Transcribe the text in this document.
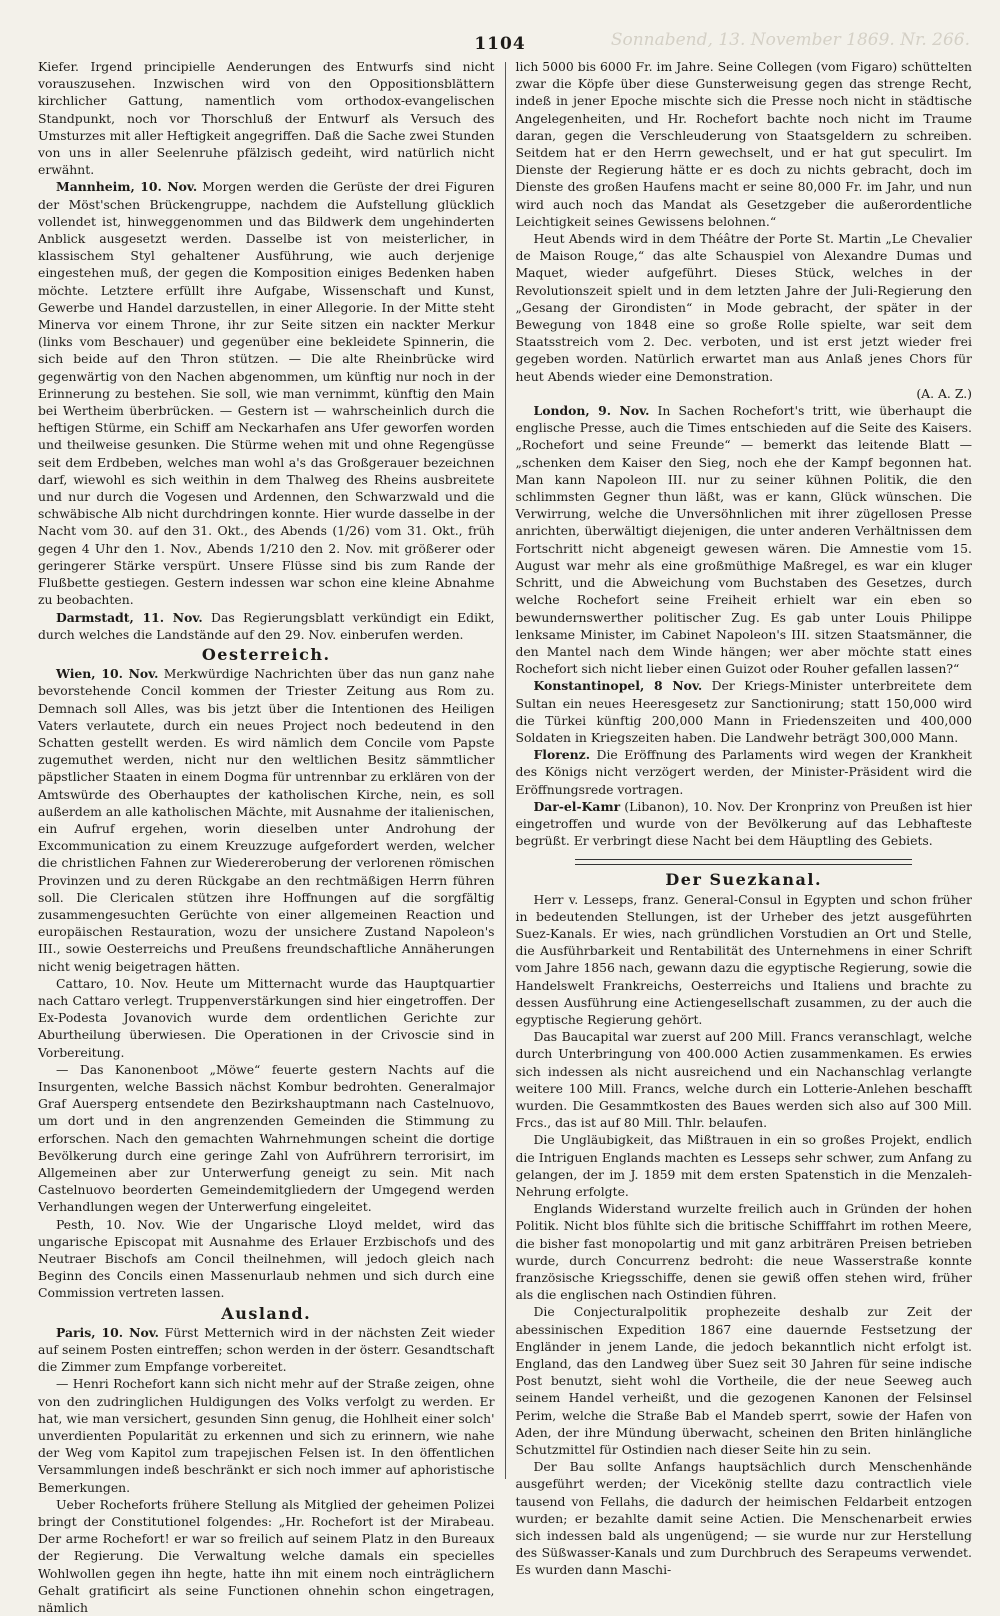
1104	Sonnabend, 13. November 1869. Nr. 266.

Kiefer. Irgend principielle Aenderungen des Entwurfs sind nicht vorauszusehen. Inzwischen wird von den Oppositionsblättern kirchlicher Gattung, namentlich vom orthodox-evangelischen Standpunkt, noch vor Thorschluß der Entwurf als Versuch des Umsturzes mit aller Heftigkeit angegriffen. Daß die Sache zwei Stunden von uns in aller Seelenruhe pfälzisch gedeiht, wird natürlich nicht erwähnt.

Mannheim, 10. Nov. Morgen werden die Gerüste der drei Figuren der Möst'schen Brückengruppe, nachdem die Aufstellung glücklich vollendet ist, hinweggenommen und das Bildwerk dem ungehinderten Anblick ausgesetzt werden. Dasselbe ist von meisterlicher, in klassischem Styl gehaltener Ausführung, wie auch derjenige eingestehen muß, der gegen die Komposition einiges Bedenken haben möchte. Letztere erfüllt ihre Aufgabe, Wissenschaft und Kunst, Gewerbe und Handel darzustellen, in einer Allegorie. In der Mitte steht Minerva vor einem Throne, ihr zur Seite sitzen ein nackter Merkur (links vom Beschauer) und gegenüber eine bekleidete Spinnerin, die sich beide auf den Thron stützen. — Die alte Rheinbrücke wird gegenwärtig von den Nachen abgenommen, um künftig nur noch in der Erinnerung zu bestehen. Sie soll, wie man vernimmt, künftig den Main bei Wertheim überbrücken. — Gestern ist — wahrscheinlich durch die heftigen Stürme, ein Schiff am Neckarhafen ans Ufer geworfen worden und theilweise gesunken. Die Stürme wehen mit und ohne Regengüsse seit dem Erdbeben, welches man wohl a's das Großgerauer bezeichnen darf, wiewohl es sich weithin in dem Thalweg des Rheins ausbreitete und nur durch die Vogesen und Ardennen, den Schwarzwald und die schwäbische Alb nicht durchdringen konnte. Hier wurde dasselbe in der Nacht vom 30. auf den 31. Okt., des Abends (1/26) vom 31. Okt., früh gegen 4 Uhr den 1. Nov., Abends 1/210 den 2. Nov. mit größerer oder geringerer Stärke verspürt. Unsere Flüsse sind bis zum Rande der Flußbette gestiegen. Gestern indessen war schon eine kleine Abnahme zu beobachten.

Darmstadt, 11. Nov. Das Regierungsblatt verkündigt ein Edikt, durch welches die Landstände auf den 29. Nov. einberufen werden.

Oesterreich.

Wien, 10. Nov. Merkwürdige Nachrichten über das nun ganz nahe bevorstehende Concil kommen der Triester Zeitung aus Rom zu. Demnach soll Alles, was bis jetzt über die Intentionen des Heiligen Vaters verlautete, durch ein neues Project noch bedeutend in den Schatten gestellt werden. Es wird nämlich dem Concile vom Papste zugemuthet werden, nicht nur den weltlichen Besitz sämmtlicher päpstlicher Staaten in einem Dogma für untrennbar zu erklären von der Amtswürde des Oberhauptes der katholischen Kirche, nein, es soll außerdem an alle katholischen Mächte, mit Ausnahme der italienischen, ein Aufruf ergehen, worin dieselben unter Androhung der Excommunication zu einem Kreuzzuge aufgefordert werden, welcher die christlichen Fahnen zur Wiedereroberung der verlorenen römischen Provinzen und zu deren Rückgabe an den rechtmäßigen Herrn führen soll. Die Clericalen stützen ihre Hoffnungen auf die sorgfältig zusammengesuchten Gerüchte von einer allgemeinen Reaction und europäischen Restauration, wozu der unsichere Zustand Napoleon's III., sowie Oesterreichs und Preußens freundschaftliche Annäherungen nicht wenig beigetragen hätten.

Cattaro, 10. Nov. Heute um Mitternacht wurde das Hauptquartier nach Cattaro verlegt. Truppenverstärkungen sind hier eingetroffen. Der Ex-Podesta Jovanovich wurde dem ordentlichen Gerichte zur Aburtheilung überwiesen. Die Operationen in der Crivoscie sind in Vorbereitung.

— Das Kanonenboot „Möwe“ feuerte gestern Nachts auf die Insurgenten, welche Bassich nächst Kombur bedrohten. Generalmajor Graf Auersperg entsendete den Bezirkshauptmann nach Castelnuovo, um dort und in den angrenzenden Gemeinden die Stimmung zu erforschen. Nach den gemachten Wahrnehmungen scheint die dortige Bevölkerung durch eine geringe Zahl von Aufrührern terrorisirt, im Allgemeinen aber zur Unterwerfung geneigt zu sein. Mit nach Castelnuovo beorderten Gemeindemitgliedern der Umgegend werden Verhandlungen wegen der Unterwerfung eingeleitet.

Pesth, 10. Nov. Wie der Ungarische Lloyd meldet, wird das ungarische Episcopat mit Ausnahme des Erlauer Erzbischofs und des Neutraer Bischofs am Concil theilnehmen, will jedoch gleich nach Beginn des Concils einen Massenurlaub nehmen und sich durch eine Commission vertreten lassen.

Ausland.

Paris, 10. Nov. Fürst Metternich wird in der nächsten Zeit wieder auf seinem Posten eintreffen; schon werden in der österr. Gesandtschaft die Zimmer zum Empfange vorbereitet.

— Henri Rochefort kann sich nicht mehr auf der Straße zeigen, ohne von den zudringlichen Huldigungen des Volks verfolgt zu werden. Er hat, wie man versichert, gesunden Sinn genug, die Hohlheit einer solch' unverdienten Popularität zu erkennen und sich zu erinnern, wie nahe der Weg vom Kapitol zum trapejischen Felsen ist. In den öffentlichen Versammlungen indeß beschränkt er sich noch immer auf aphoristische Bemerkungen.

Ueber Rocheforts frühere Stellung als Mitglied der geheimen Polizei bringt der Constitutionel folgendes: „Hr. Rochefort ist der Mirabeau. Der arme Rochefort! er war so freilich auf seinem Platz in den Bureaux der Regierung. Die Verwaltung welche damals ein specielles Wohlwollen gegen ihn hegte, hatte ihn mit einem noch einträglichern Gehalt gratificirt als seine Functionen ohnehin schon eingetragen, nämlich

lich 5000 bis 6000 Fr. im Jahre. Seine Collegen (vom Figaro) schüttelten zwar die Köpfe über diese Gunsterweisung gegen das strenge Recht, indeß in jener Epoche mischte sich die Presse noch nicht in städtische Angelegenheiten, und Hr. Rochefort bachte noch nicht im Traume daran, gegen die Verschleuderung von Staatsgeldern zu schreiben. Seitdem hat er den Herrn gewechselt, und er hat gut speculirt. Im Dienste der Regierung hätte er es doch zu nichts gebracht, doch im Dienste des großen Haufens macht er seine 80,000 Fr. im Jahr, und nun wird auch noch das Mandat als Gesetzgeber die außerordentliche Leichtigkeit seines Gewissens belohnen.“

Heut Abends wird in dem Théâtre der Porte St. Martin „Le Chevalier de Maison Rouge,“ das alte Schauspiel von Alexandre Dumas und Maquet, wieder aufgeführt. Dieses Stück, welches in der Revolutionszeit spielt und in dem letzten Jahre der Juli-Regierung den „Gesang der Girondisten“ in Mode gebracht, der später in der Bewegung von 1848 eine so große Rolle spielte, war seit dem Staatsstreich vom 2. Dec. verboten, und ist erst jetzt wieder frei gegeben worden. Natürlich erwartet man aus Anlaß jenes Chors für heut Abends wieder eine Demonstration.

(A. A. Z.)

London, 9. Nov. In Sachen Rochefort's tritt, wie überhaupt die englische Presse, auch die Times entschieden auf die Seite des Kaisers. „Rochefort und seine Freunde“ — bemerkt das leitende Blatt — „schenken dem Kaiser den Sieg, noch ehe der Kampf begonnen hat. Man kann Napoleon III. nur zu seiner kühnen Politik, die den schlimmsten Gegner thun läßt, was er kann, Glück wünschen. Die Verwirrung, welche die Unversöhnlichen mit ihrer zügellosen Presse anrichten, überwältigt diejenigen, die unter anderen Verhältnissen dem Fortschritt nicht abgeneigt gewesen wären. Die Amnestie vom 15. August war mehr als eine großmüthige Maßregel, es war ein kluger Schritt, und die Abweichung vom Buchstaben des Gesetzes, durch welche Rochefort seine Freiheit erhielt war ein eben so bewundernswerther politischer Zug. Es gab unter Louis Philippe lenksame Minister, im Cabinet Napoleon's III. sitzen Staatsmänner, die den Mantel nach dem Winde hängen; wer aber möchte statt eines Rochefort sich nicht lieber einen Guizot oder Rouher gefallen lassen?“

Konstantinopel, 8 Nov. Der Kriegs-Minister unterbreitete dem Sultan ein neues Heeresgesetz zur Sanctionirung; statt 150,000 wird die Türkei künftig 200,000 Mann in Friedenszeiten und 400,000 Soldaten in Kriegszeiten haben. Die Landwehr beträgt 300,000 Mann.

Florenz. Die Eröffnung des Parlaments wird wegen der Krankheit des Königs nicht verzögert werden, der Minister-Präsident wird die Eröffnungsrede vortragen.

Dar-el-Kamr (Libanon), 10. Nov. Der Kronprinz von Preußen ist hier eingetroffen und wurde von der Bevölkerung auf das Lebhafteste begrüßt. Er verbringt diese Nacht bei dem Häuptling des Gebiets.

Der Suezkanal.

Herr v. Lesseps, franz. General-Consul in Egypten und schon früher in bedeutenden Stellungen, ist der Urheber des jetzt ausgeführten Suez-Kanals. Er wies, nach gründlichen Vorstudien an Ort und Stelle, die Ausführbarkeit und Rentabilität des Unternehmens in einer Schrift vom Jahre 1856 nach, gewann dazu die egyptische Regierung, sowie die Handelswelt Frankreichs, Oesterreichs und Italiens und brachte zu dessen Ausführung eine Actiengesellschaft zusammen, zu der auch die egyptische Regierung gehört.

Das Baucapital war zuerst auf 200 Mill. Francs veranschlagt, welche durch Unterbringung von 400.000 Actien zusammenkamen. Es erwies sich indessen als nicht ausreichend und ein Nachanschlag verlangte weitere 100 Mill. Francs, welche durch ein Lotterie-Anlehen beschafft wurden. Die Gesammtkosten des Baues werden sich also auf 300 Mill. Frcs., das ist auf 80 Mill. Thlr. belaufen.

Die Ungläubigkeit, das Mißtrauen in ein so großes Projekt, endlich die Intriguen Englands machten es Lesseps sehr schwer, zum Anfang zu gelangen, der im J. 1859 mit dem ersten Spatenstich in die Menzaleh-Nehrung erfolgte.

Englands Widerstand wurzelte freilich auch in Gründen der hohen Politik. Nicht blos fühlte sich die britische Schifffahrt im rothen Meere, die bisher fast monopolartig und mit ganz arbiträren Preisen betrieben wurde, durch Concurrenz bedroht: die neue Wasserstraße konnte französische Kriegsschiffe, denen sie gewiß offen stehen wird, früher als die englischen nach Ostindien führen.

Die Conjecturalpolitik prophezeite deshalb zur Zeit der abessinischen Expedition 1867 eine dauernde Festsetzung der Engländer in jenem Lande, die jedoch bekanntlich nicht erfolgt ist. England, das den Landweg über Suez seit 30 Jahren für seine indische Post benutzt, sieht wohl die Vortheile, die der neue Seeweg auch seinem Handel verheißt, und die gezogenen Kanonen der Felsinsel Perim, welche die Straße Bab el Mandeb sperrt, sowie der Hafen von Aden, der ihre Mündung überwacht, scheinen den Briten hinlängliche Schutzmittel für Ostindien nach dieser Seite hin zu sein.

Der Bau sollte Anfangs hauptsächlich durch Menschenhände ausgeführt werden; der Vicekönig stellte dazu contractlich viele tausend von Fellahs, die dadurch der heimischen Feldarbeit entzogen wurden; er bezahlte damit seine Actien. Die Menschenarbeit erwies sich indessen bald als ungenügend; — sie wurde nur zur Herstellung des Süßwasser-Kanals und zum Durchbruch des Serapeums verwendet. Es wurden dann Maschi-
